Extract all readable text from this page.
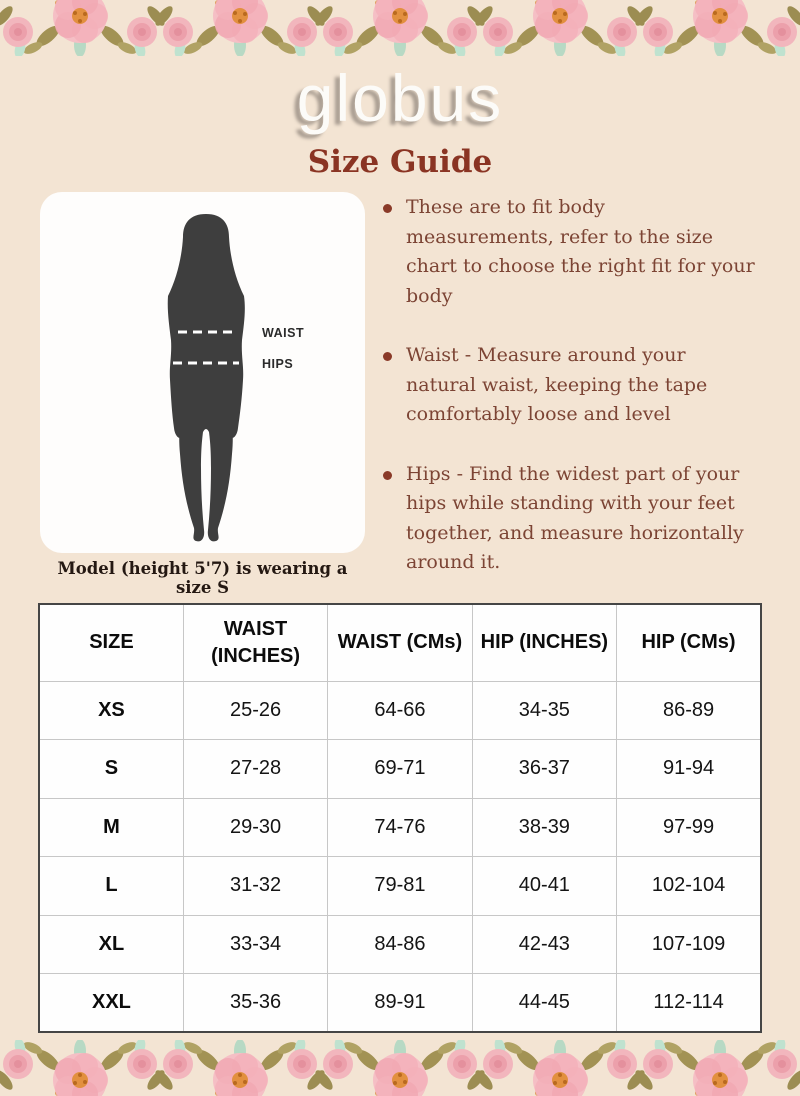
globus
Size Guide
WAIST
HIPS
Model (height 5'7) is wearing a size S

These are to fit body measurements, refer to the size chart to choose the right fit for your body

Waist - Measure around your natural waist, keeping the tape comfortably loose and level

Hips - Find the widest part of your hips while standing with your feet together, and measure horizontally around it.

SIZE	WAIST (INCHES)	WAIST (CMs)	HIP (INCHES)	HIP (CMs)
XS	25-26	64-66	34-35	86-89
S	27-28	69-71	36-37	91-94
M	29-30	74-76	38-39	97-99
L	31-32	79-81	40-41	102-104
XL	33-34	84-86	42-43	107-109
XXL	35-36	89-91	44-45	112-114
